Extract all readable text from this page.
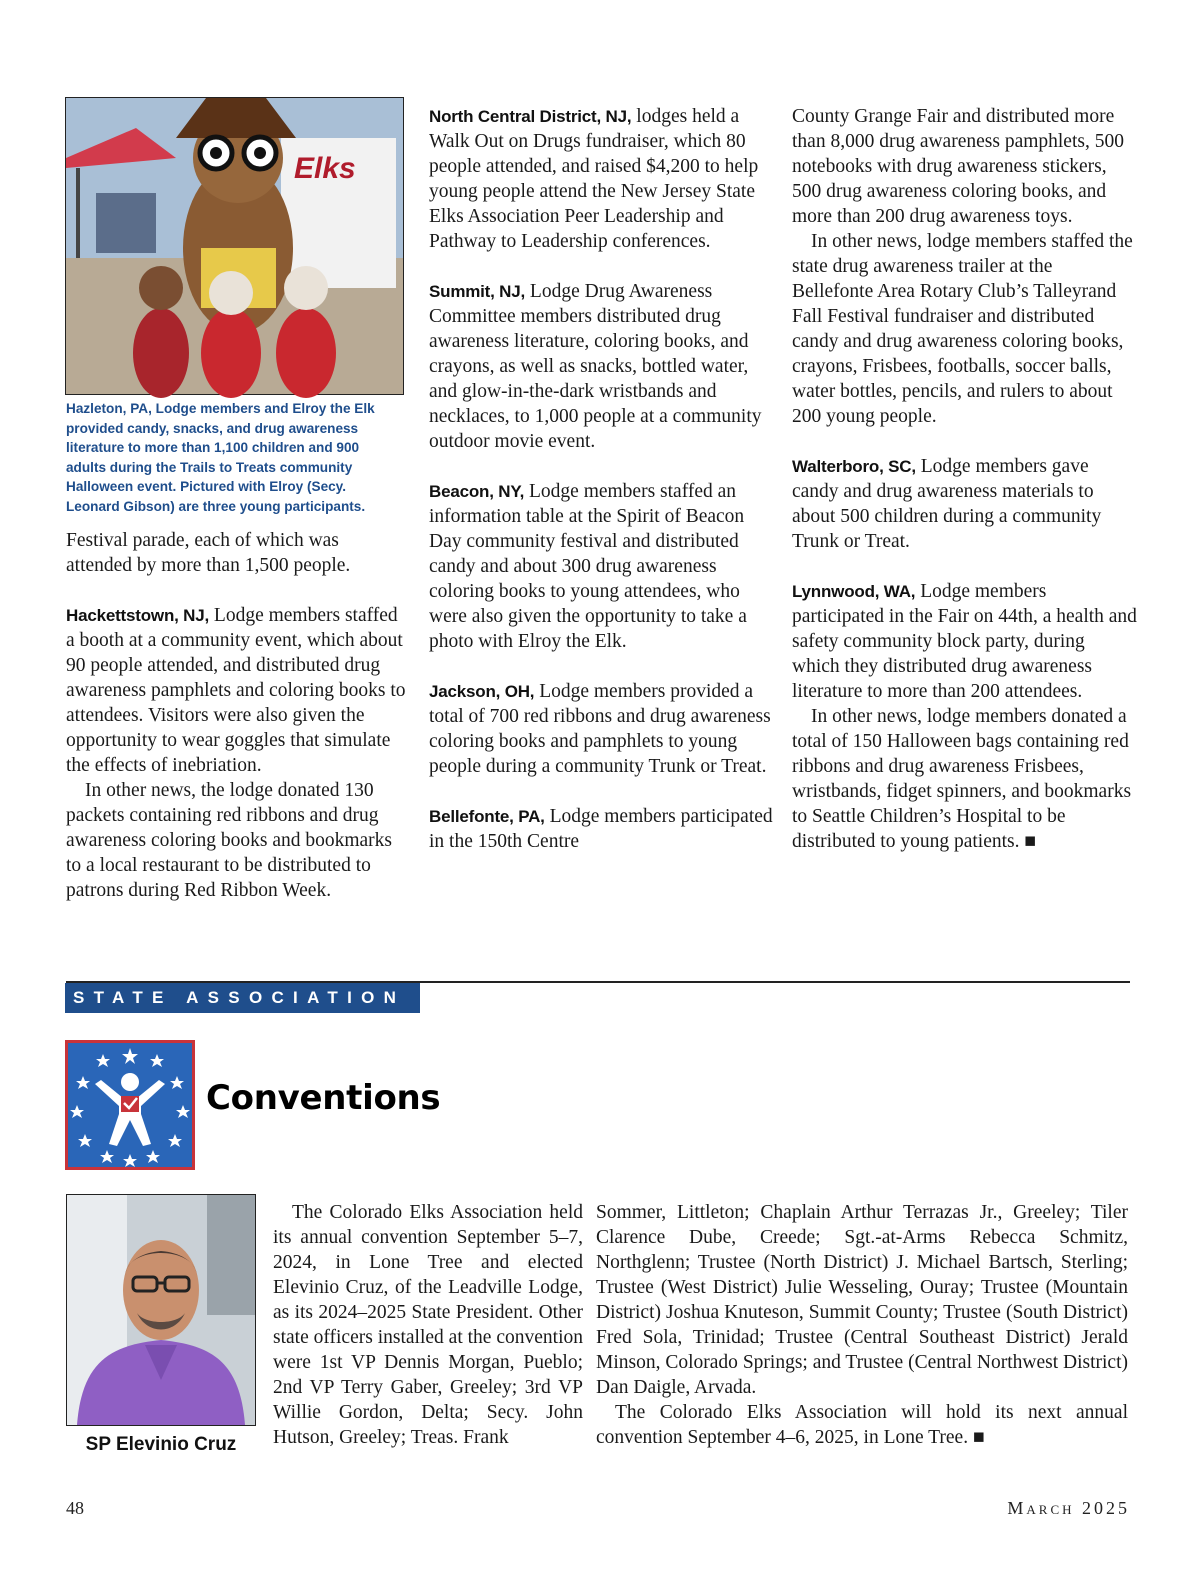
Elks
Hazleton, PA, Lodge members and Elroy the Elk provided candy, snacks, and drug awareness literature to more than 1,100 children and 900 adults during the Trails to Treats community Halloween event. Pictured with Elroy (Secy. Leonard Gibson) are three young participants.

Festival parade, each of which was attended by more than 1,500 people.

Hackettstown, NJ, Lodge members staffed a booth at a community event, which about 90 people attended, and distributed drug awareness pamphlets and coloring books to attendees. Visitors were also given the opportunity to wear goggles that simulate the effects of inebriation.

In other news, the lodge donated 130 packets containing red ribbons and drug awareness coloring books and bookmarks to a local restaurant to be distributed to patrons during Red Ribbon Week.

North Central District, NJ, lodges held a Walk Out on Drugs fundraiser, which 80 people attended, and raised $4,200 to help young people attend the New Jersey State Elks Association Peer Leadership and Pathway to Leadership conferences.

Summit, NJ, Lodge Drug Awareness Committee members distributed drug awareness literature, coloring books, and crayons, as well as snacks, bottled water, and glow-in-the-dark wristbands and necklaces, to 1,000 people at a community outdoor movie event.

Beacon, NY, Lodge members staffed an information table at the Spirit of Beacon Day community festival and distributed candy and about 300 drug awareness coloring books to young attendees, who were also given the opportunity to take a photo with Elroy the Elk.

Jackson, OH, Lodge members provided a total of 700 red ribbons and drug awareness coloring books and pamphlets to young people during a community Trunk or Treat.

Bellefonte, PA, Lodge members participated in the 150th Centre

County Grange Fair and distributed more than 8,000 drug awareness pamphlets, 500 notebooks with drug awareness stickers, 500 drug awareness coloring books, and more than 200 drug awareness toys.

In other news, lodge members staffed the state drug awareness trailer at the Bellefonte Area Rotary Club’s Talleyrand Fall Festival fundraiser and distributed candy and drug awareness coloring books, crayons, Frisbees, footballs, soccer balls, water bottles, pencils, and rulers to about 200 young people.

Walterboro, SC, Lodge members gave candy and drug awareness materials to about 500 children during a community Trunk or Treat.

Lynnwood, WA, Lodge members participated in the Fair on 44th, a health and safety community block party, during which they distributed drug awareness literature to more than 200 attendees.

In other news, lodge members donated a total of 150 Halloween bags containing red ribbons and drug awareness Frisbees, wristbands, fidget spinners, and bookmarks to Seattle Children’s Hospital to be distributed to young patients. ■

STATE ASSOCIATION NEWS
Conventions
SP Elevinio Cruz

The Colorado Elks Association held its annual convention September 5–7, 2024, in Lone Tree and elected Elevinio Cruz, of the Leadville Lodge, as its 2024–2025 State President. Other state officers installed at the convention were 1st VP Dennis Morgan, Pueblo; 2nd VP Terry Gaber, Greeley; 3rd VP Willie Gordon, Delta; Secy. John Hutson, Greeley; Treas. Frank

Sommer, Littleton; Chaplain Arthur Terrazas Jr., Greeley; Tiler Clarence Dube, Creede; Sgt.-at-Arms Rebecca Schmitz, Northglenn; Trustee (North District) J. Michael Bartsch, Sterling; Trustee (West District) Julie Wesseling, Ouray; Trustee (Mountain District) Joshua Knuteson, Summit County; Trustee (South District) Fred Sola, Trinidad; Trustee (Central Southeast District) Jerald Minson, Colorado Springs; and Trustee (Central Northwest District) Dan Daigle, Arvada.

The Colorado Elks Association will hold its next annual convention September 4–6, 2025, in Lone Tree. ■

48	March 2025
